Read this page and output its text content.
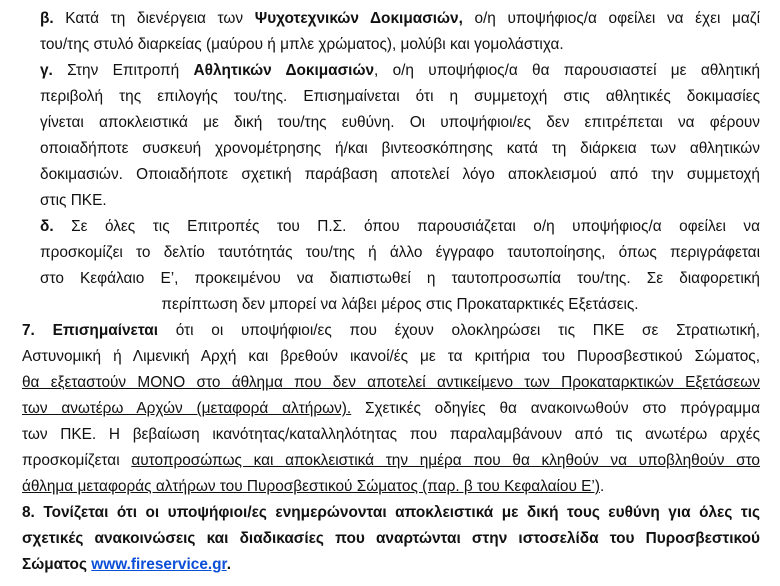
β. Κατά τη διενέργεια των Ψυχοτεχνικών Δοκιμασιών, ο/η υποψήφιος/α οφείλει να έχει μαζί
του/της στυλό διαρκείας (μαύρου ή μπλε χρώματος), μολύβι και γομολάστιχα.
γ. Στην Επιτροπή Αθλητικών Δοκιμασιών, ο/η υποψήφιος/α θα παρουσιαστεί με αθλητική
περιβολή της επιλογής του/της. Επισημαίνεται ότι η συμμετοχή στις αθλητικές δοκιμασίες
γίνεται αποκλειστικά με δική του/της ευθύνη. Οι υποψήφιοι/ες δεν επιτρέπεται να φέρουν
οποιαδήποτε συσκευή χρονομέτρησης ή/και βιντεοσκόπησης κατά τη διάρκεια των αθλητικών
δοκιμασιών. Οποιαδήποτε σχετική παράβαση αποτελεί λόγο αποκλεισμού από την συμμετοχή
στις ΠΚΕ.
δ. Σε όλες τις Επιτροπές του Π.Σ. όπου παρουσιάζεται ο/η υποψήφιος/α οφείλει να
προσκομίζει το δελτίο ταυτότητάς του/της ή άλλο έγγραφο ταυτοποίησης, όπως περιγράφεται
στο Κεφάλαιο Ε’, προκειμένου να διαπιστωθεί η ταυτοπροσωπία του/της. Σε διαφορετική
περίπτωση δεν μπορεί να λάβει μέρος στις Προκαταρκτικές Εξετάσεις.
7. Επισημαίνεται ότι οι υποψήφιοι/ες που έχουν ολοκληρώσει τις ΠΚΕ σε Στρατιωτική,
Αστυνομική ή Λιμενική Αρχή και βρεθούν ικανοί/ές με τα κριτήρια του Πυροσβεστικού Σώματος,
θα εξεταστούν ΜΟΝΟ στο άθλημα που δεν αποτελεί αντικείμενο των Προκαταρκτικών Εξετάσεων
των ανωτέρω Αρχών (μεταφορά αλτήρων). Σχετικές οδηγίες θα ανακοινωθούν στο πρόγραμμα
των ΠΚΕ. Η βεβαίωση ικανότητας/καταλληλότητας που παραλαμβάνουν από τις ανωτέρω αρχές
προσκομίζεται αυτοπροσώπως και αποκλειστικά την ημέρα που θα κληθούν να υποβληθούν στο
άθλημα μεταφοράς αλτήρων του Πυροσβεστικού Σώματος (παρ. β του Κεφαλαίου Ε’).
8. Τονίζεται ότι οι υποψήφιοι/ες ενημερώνονται αποκλειστικά με δική τους ευθύνη για όλες τις
σχετικές ανακοινώσεις και διαδικασίες που αναρτώνται στην ιστοσελίδα του Πυροσβεστικού
Σώματος www.fireservice.gr.
